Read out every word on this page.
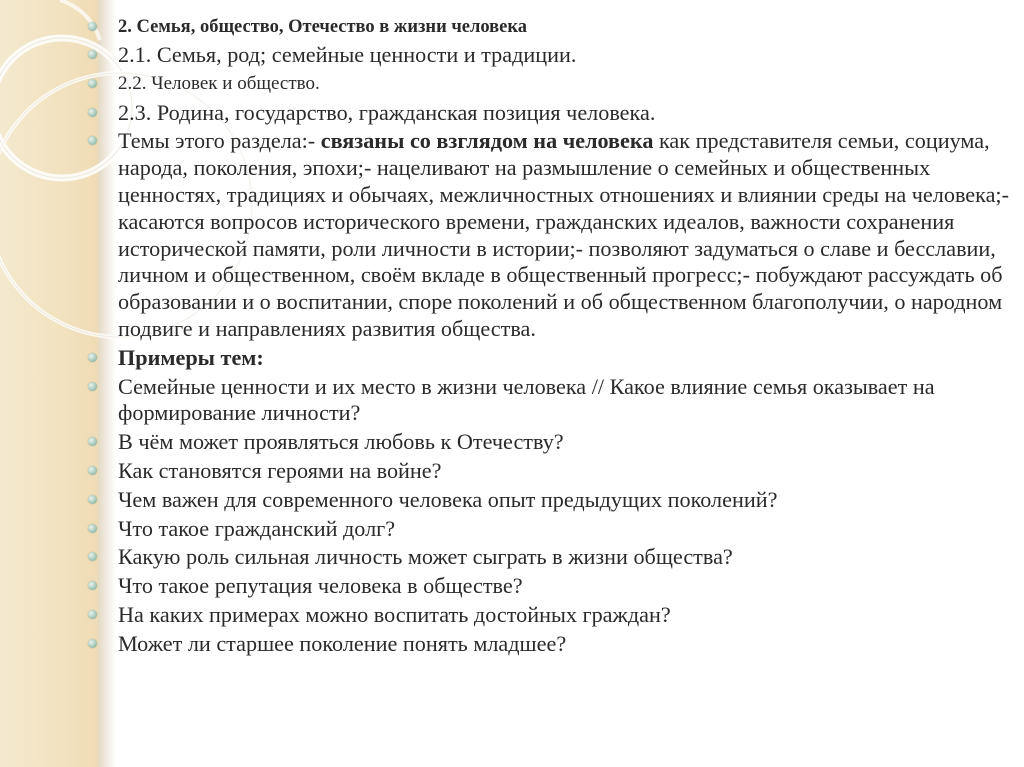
2. Семья, общество, Отечество в жизни человека
2.1. Семья, род; семейные ценности и традиции.
2.2. Человек и общество.
2.3. Родина, государство, гражданская позиция человека.
Темы этого раздела:- связаны со взглядом на человека как представителя семьи, социума, народа, поколения, эпохи;- нацеливают на размышление о семейных и общественных ценностях, традициях и обычаях, межличностных отношениях и влиянии среды на человека;- касаются вопросов исторического времени, гражданских идеалов, важности сохранения исторической памяти, роли личности в истории;- позволяют задуматься о славе и бесславии, личном и общественном, своём вкладе в общественный прогресс;- побуждают рассуждать об образовании и о воспитании, споре поколений и об общественном благополучии, о народном подвиге и направлениях развития общества.
Примеры тем:
Семейные ценности и их место в жизни человека // Какое влияние семья оказывает на формирование личности?
В чём может проявляться любовь к Отечеству?
Как становятся героями на войне?
Чем важен для современного человека опыт предыдущих поколений?
Что такое гражданский долг?
Какую роль сильная личность может сыграть в жизни общества?
Что такое репутация человека в обществе?
На каких примерах можно воспитать достойных граждан?
Может ли старшее поколение понять младшее?
